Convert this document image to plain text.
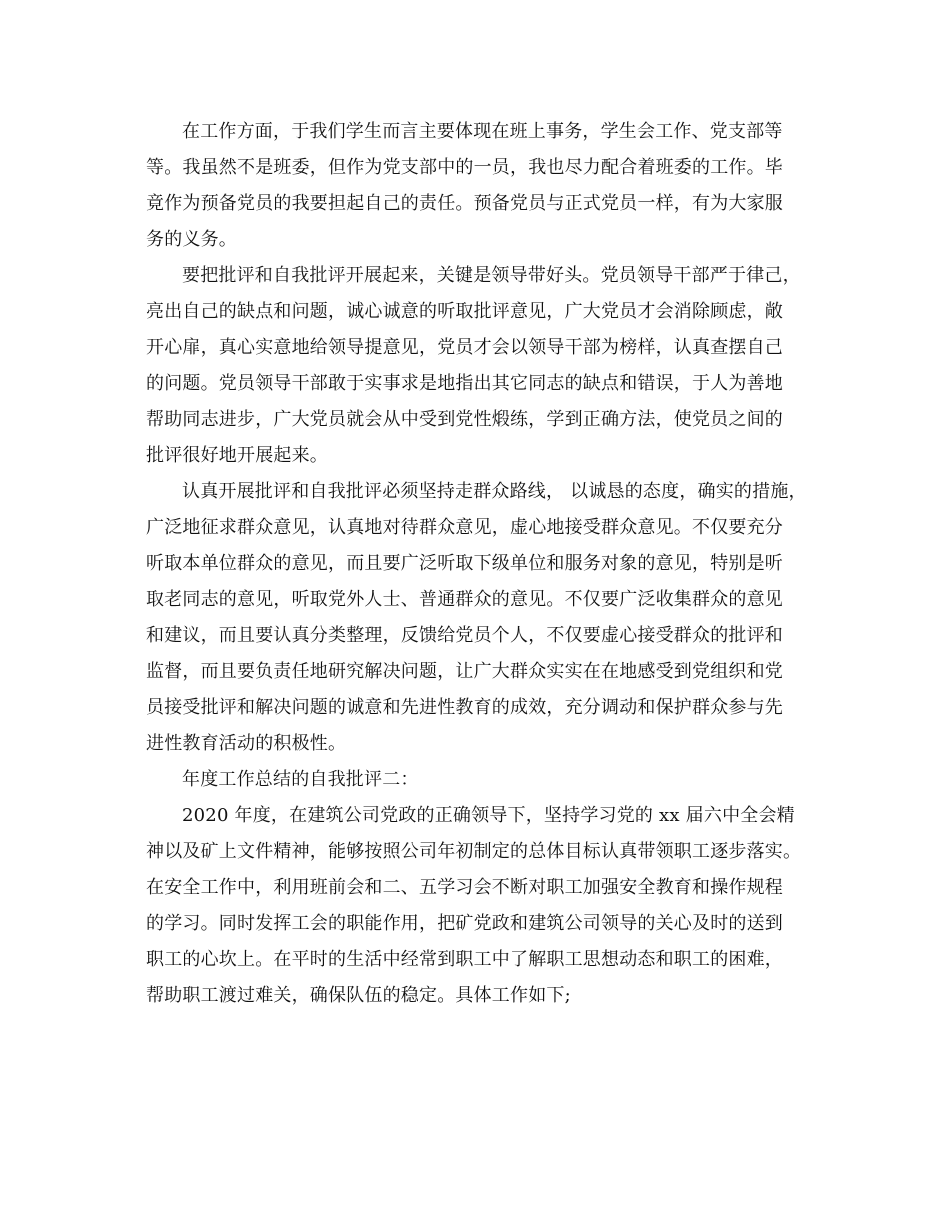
在工作方面，于我们学生而言主要体现在班上事务，学生会工作、党支部等
等。我虽然不是班委，但作为党支部中的一员，我也尽力配合着班委的工作。毕
竟作为预备党员的我要担起自己的责任。预备党员与正式党员一样，有为大家服
务的义务。
要把批评和自我批评开展起来，关键是领导带好头。党员领导干部严于律己，
亮出自己的缺点和问题，诚心诚意的听取批评意见，广大党员才会消除顾虑，敞
开心扉，真心实意地给领导提意见，党员才会以领导干部为榜样，认真查摆自己
的问题。党员领导干部敢于实事求是地指出其它同志的缺点和错误，于人为善地
帮助同志进步，广大党员就会从中受到党性煅练，学到正确方法，使党员之间的
批评很好地开展起来。
认真开展批评和自我批评必须坚持走群众路线， 以诚恳的态度，确实的措施，
广泛地征求群众意见，认真地对待群众意见，虚心地接受群众意见。不仅要充分
听取本单位群众的意见，而且要广泛听取下级单位和服务对象的意见，特别是听
取老同志的意见，听取党外人士、普通群众的意见。不仅要广泛收集群众的意见
和建议，而且要认真分类整理，反馈给党员个人，不仅要虚心接受群众的批评和
监督，而且要负责任地研究解决问题，让广大群众实实在在地感受到党组织和党
员接受批评和解决问题的诚意和先进性教育的成效，充分调动和保护群众参与先
进性教育活动的积极性。
年度工作总结的自我批评二：
2020 年度，在建筑公司党政的正确领导下，坚持学习党的 xx 届六中全会精
神以及矿上文件精神，能够按照公司年初制定的总体目标认真带领职工逐步落实。
在安全工作中，利用班前会和二、五学习会不断对职工加强安全教育和操作规程
的学习。同时发挥工会的职能作用，把矿党政和建筑公司领导的关心及时的送到
职工的心坎上。在平时的生活中经常到职工中了解职工思想动态和职工的困难，
帮助职工渡过难关，确保队伍的稳定。具体工作如下;
